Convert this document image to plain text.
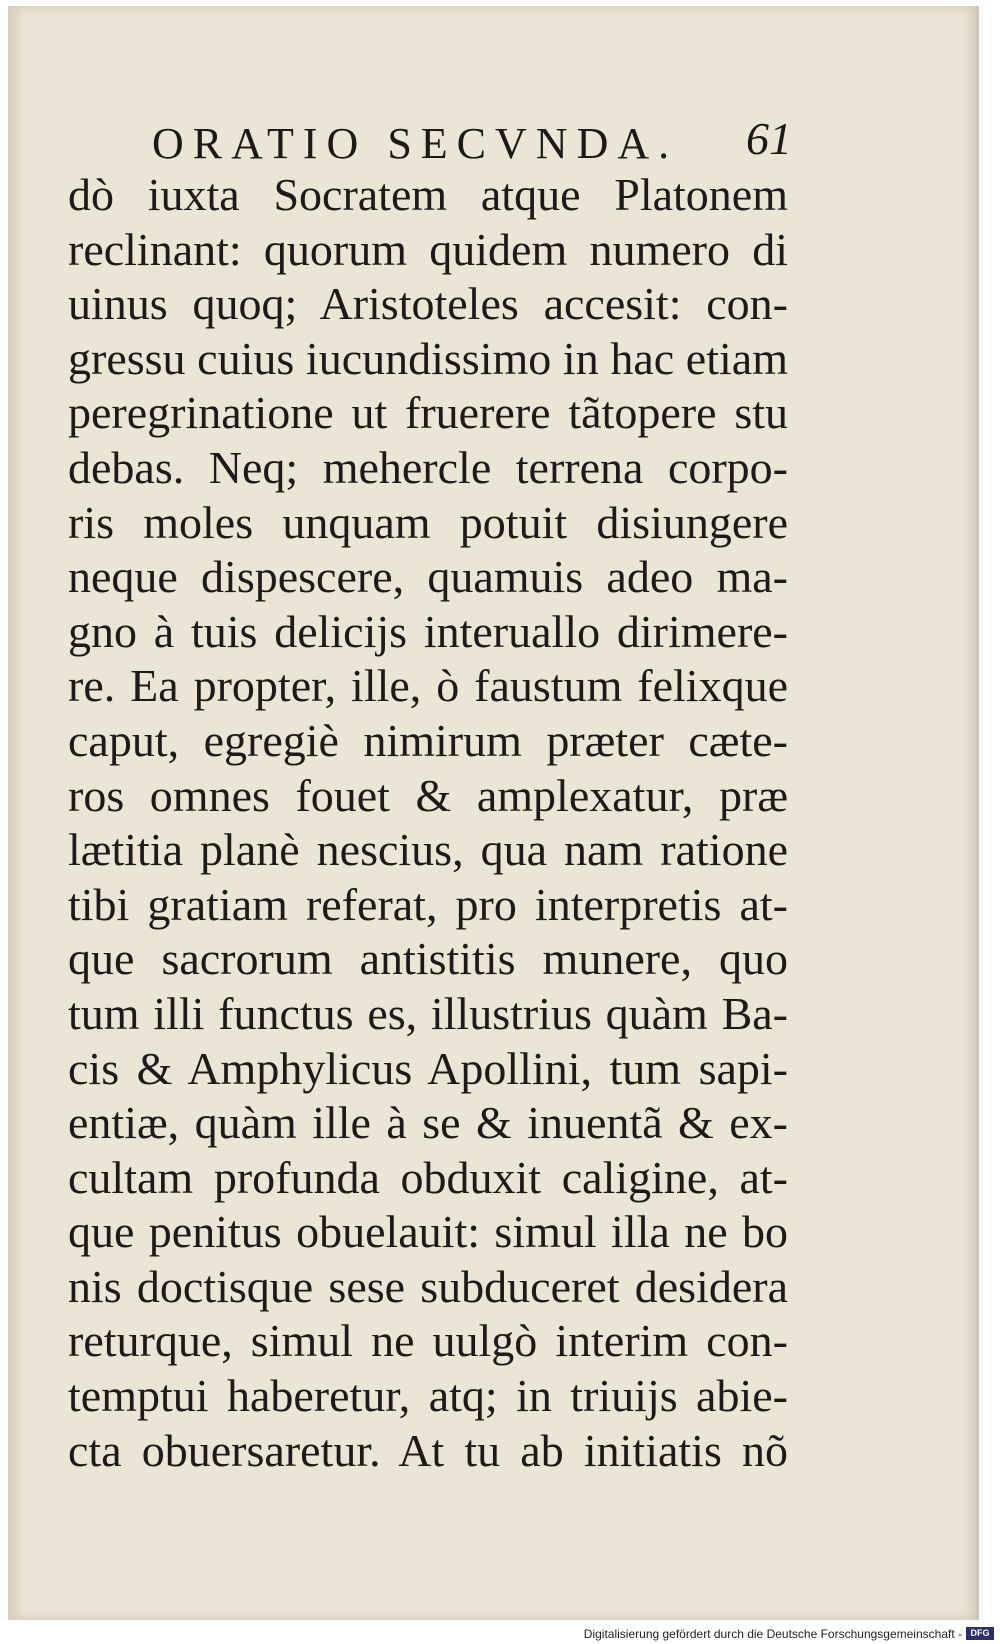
ORATIO SECVNDA. 61
dò iuxta Socratem atque Platonem
reclinant: quorum quidem numero di
uinus quoq; Aristoteles accesit: con-
gressu cuius iucundissimo in hac etiam
peregrinatione ut fruerere tãtopere stu
debas. Neq; mehercle terrena corpo-
ris moles unquam potuit disiungere
neque dispescere, quamuis adeo ma-
gno à tuis delicijs interuallo dirimere-
re. Ea propter, ille, ò faustum felixque
caput, egregiè nimirum præter cæte-
ros omnes fouet & amplexatur, præ
lætitia planè nescius, qua nam ratione
tibi gratiam referat, pro interpretis at-
que sacrorum antistitis munere, quo
tum illi functus es, illustrius quàm Ba-
cis & Amphylicus Apollini, tum sapi-
entiæ, quàm ille à se & inuentã & ex-
cultam profunda obduxit caligine, at-
que penitus obuelauit: simul illa ne bo
nis doctisque sese subduceret desidera
returque, simul ne uulgò interim con-
temptui haberetur, atq; in triuijs abie-
cta obuersaretur. At tu ab initiatis nõ
Digitalisierung gefördert durch die Deutsche Forschungsgemeinschaft - DFG
